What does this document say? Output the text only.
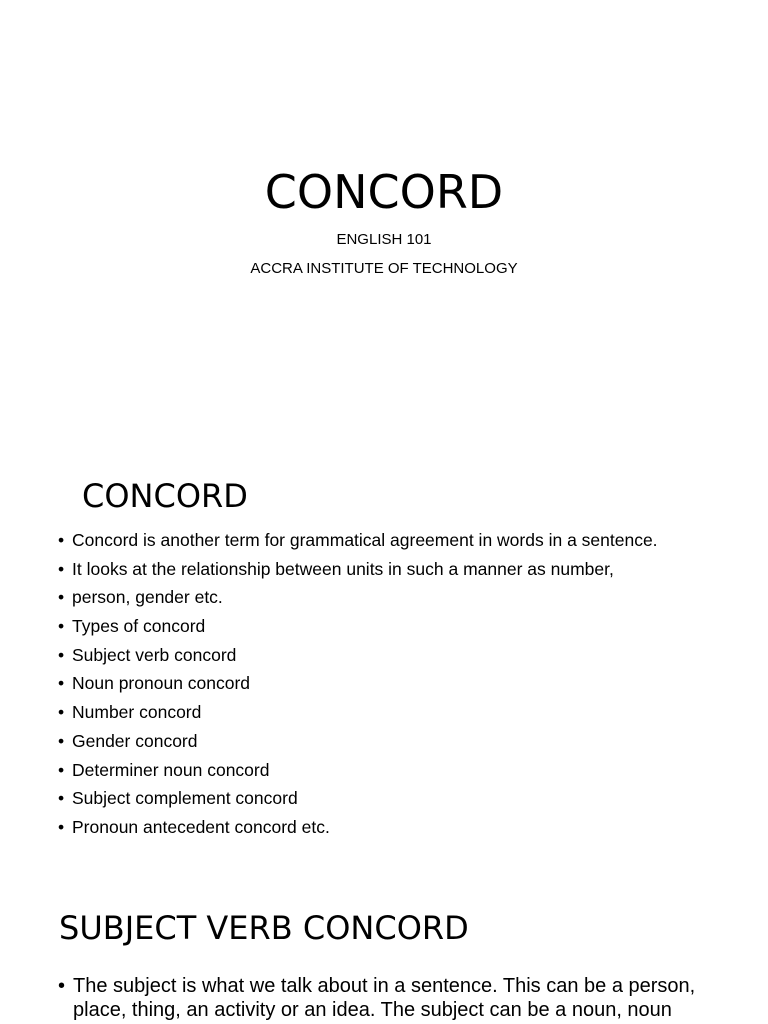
CONCORD
ENGLISH 101
ACCRA INSTITUTE OF TECHNOLOGY
CONCORD
• Concord is another term for grammatical agreement in words in a sentence.
• It looks at the relationship between units in such a manner as number,
• person, gender etc.
• Types of concord
• Subject verb concord
• Noun pronoun concord
• Number concord
• Gender concord
• Determiner noun concord
• Subject complement concord
• Pronoun antecedent concord etc.
SUBJECT VERB CONCORD
• The subject is what we talk about in a sentence. This can be a person, place, thing, an activity or an idea. The subject can be a noun, noun
